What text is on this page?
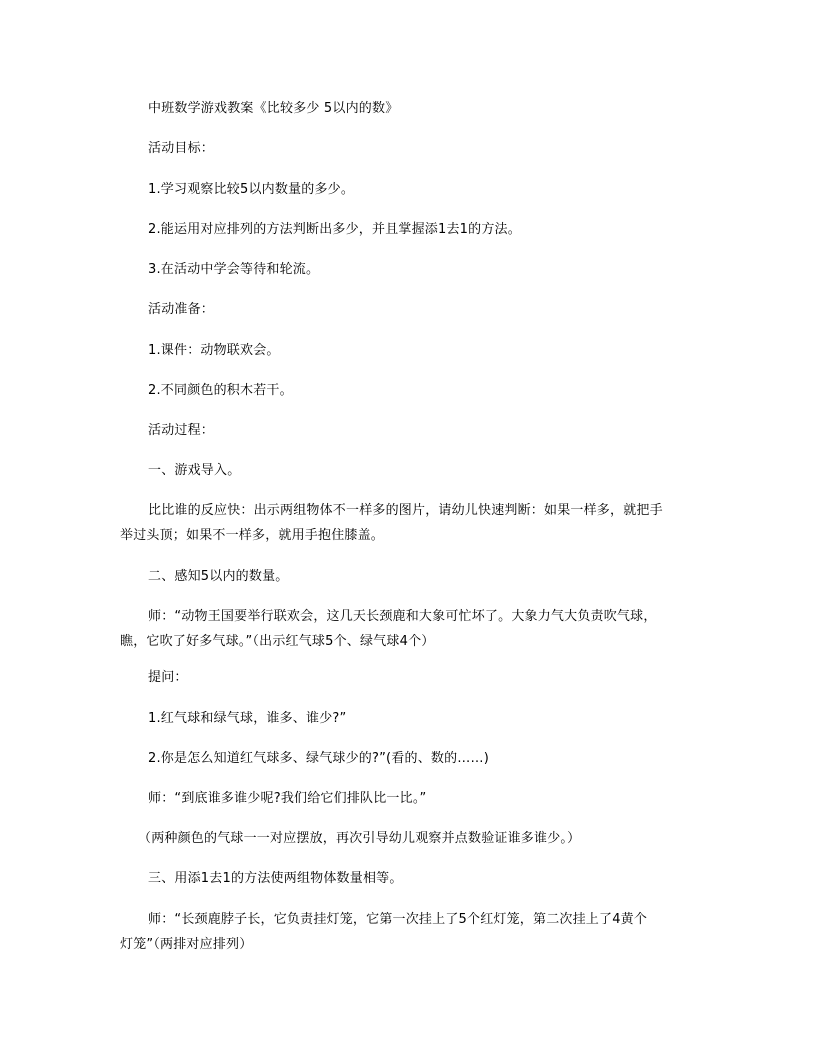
中班数学游戏教案《比较多少 5以内的数》
活动目标：
1.学习观察比较5以内数量的多少。
2.能运用对应排列的方法判断出多少，并且掌握添1去1的方法。
3.在活动中学会等待和轮流。
活动准备：
1.课件：动物联欢会。
2.不同颜色的积木若干。
活动过程：
一、游戏导入。
比比谁的反应快：出示两组物体不一样多的图片，请幼儿快速判断：如果一样多，就把手
举过头顶；如果不一样多，就用手抱住膝盖。
二、感知5以内的数量。
师：“动物王国要举行联欢会，这几天长颈鹿和大象可忙坏了。大象力气大负责吹气球，
瞧，它吹了好多气球。”（出示红气球5个、绿气球4个）
提问：
1.红气球和绿气球，谁多、谁少?”
2.你是怎么知道红气球多、绿气球少的?”(看的、数的……)
师：“到底谁多谁少呢?我们给它们排队比一比。”
（两种颜色的气球一一对应摆放，再次引导幼儿观察并点数验证谁多谁少。）
三、用添1去1的方法使两组物体数量相等。
师：“长颈鹿脖子长，它负责挂灯笼，它第一次挂上了5个红灯笼，第二次挂上了4黄个
灯笼”（两排对应排列）
